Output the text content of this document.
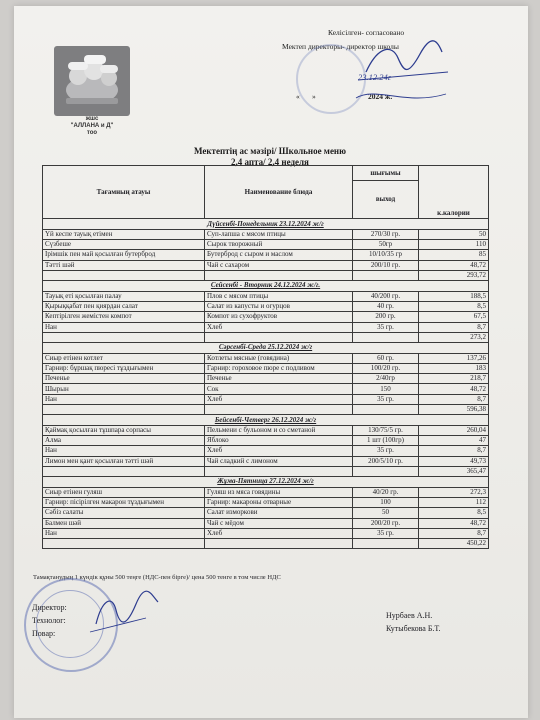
жшс
"АЛЛАНА и Д"
тоо
Келісілген- согласовано
Мектеп директоры- директор школы
23.12.24г
« »	2024 ж.
Мектептің ас мәзірі/ Школьное меню
2,4 апта/ 2,4 неделя
Тағамның атауы	Наименование блюда	шығымы	к.калории
		выход	
Дүйсенбі-Понедельник 23.12.2024 ж/г			
Үй кеспе тауық етімен	Суп-лапша с мясом птицы	270/30 гр.	50
Сүзбеше	Сырок творожный	50гр	110
Ірімшік пен май қосылған бутерброд	Бутерброд с сыром и маслом	10/10/35 гр	85
Тәтті шәй	Чай с сахаром	200/10 гр.	48,72
			293,72
Сейсенбі - Вторник 24.12.2024 ж/г.			
Тауық еті қосылған палау	Плов с мясом птицы	40/200 гр.	188,5
Қырыққабат пен қиярдан салат	Салат из капусты и огурцов	40 гр.	8,5
Кептірілген жемістен компот	Компот из сухофруктов	200 гр.	67,5
Нан	Хлеб	35 гр.	8,7
			273,2
Сәрсенбі-Среда 25.12.2024 ж/г			
Сиыр етінен котлет	Котлеты мясные (говядина)	60 гр.	137,26
Гарнир: бұршақ пюресі тұздығымен	Гарнир: гороховое пюре с подливом	100/20 гр.	183
Печенье	Печенье	2/40гр	218,7
Шырын	Сок	150	48,72
Нан	Хлеб	35 гр.	8,7
			596,38
Бейсенбі-Четверг 26.12.2024 ж/г			
Қаймақ қосылған тұшпара сорпасы	Пельмени с бульоном и со сметаной	130/75/5 гр.	260,04
Алма	Яблоко	1 шт (100гр)	47
Нан	Хлеб	35 гр.	8,7
Лимон мен қант қосылған тәтті шәй	Чай сладкий с лимоном	200/5/10 гр.	49,73
			365,47
Жұма-Пятница 27.12.2024 ж/г			
Сиыр етінен гуляш	Гуляш из мяса говядины	40/20 гр.	272,3
Гарнир: пісірілген макарон тұздығымен	Гарнир: макароны отварные	100	112
Сәбіз салаты	Салат изморкови	50	8,5
Балмен шәй	Чай с мёдом	200/20 гр.	48,72
Нан	Хлеб	35 гр.	8,7
			450,22
Тамақтанудың 1 күндік құны 500 теңге (НДС-пен бірге)/ цена 500 тенге в том числе НДС
Директор:
Технолог:
Повар:
Нурбаев А.Н.
Кутыбекова Б.Т.
